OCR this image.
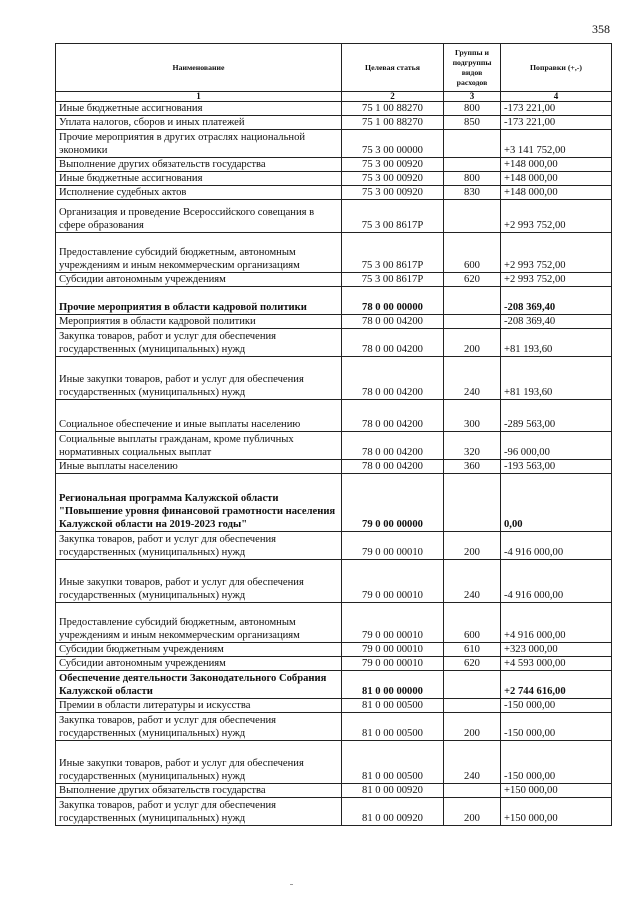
358
Наименование	Целевая статья	Группы и подгруппы видов расходов	Поправки (+,-)
1	2	3	4
Иные бюджетные ассигнования	75 1 00 88270	800	-173 221,00
Уплата налогов, сборов и иных платежей	75 1 00 88270	850	-173 221,00
Прочие мероприятия в других отраслях национальной экономики	75 3 00 00000		+3 141 752,00
Выполнение других обязательств государства	75 3 00 00920		+148 000,00
Иные бюджетные ассигнования	75 3 00 00920	800	+148 000,00
Исполнение судебных актов	75 3 00 00920	830	+148 000,00
Организация и проведение Всероссийского совещания в сфере образования	75 3 00 8617Р		+2 993 752,00
Предоставление субсидий бюджетным, автономным учреждениям и иным некоммерческим организациям	75 3 00 8617Р	600	+2 993 752,00
Субсидии автономным учреждениям	75 3 00 8617Р	620	+2 993 752,00
Прочие мероприятия в области кадровой политики	78 0 00 00000		-208 369,40
Мероприятия в области кадровой политики	78 0 00 04200		-208 369,40
Закупка товаров, работ и услуг для обеспечения государственных (муниципальных) нужд	78 0 00 04200	200	+81 193,60
Иные закупки товаров, работ и услуг для обеспечения государственных (муниципальных) нужд	78 0 00 04200	240	+81 193,60
Социальное обеспечение и иные выплаты населению	78 0 00 04200	300	-289 563,00
Социальные выплаты гражданам, кроме публичных нормативных социальных выплат	78 0 00 04200	320	-96 000,00
Иные выплаты населению	78 0 00 04200	360	-193 563,00
Региональная программа Калужской области "Повышение уровня финансовой грамотности населения Калужской области на 2019-2023 годы"	79 0 00 00000		0,00
Закупка товаров, работ и услуг для обеспечения государственных (муниципальных) нужд	79 0 00 00010	200	-4 916 000,00
Иные закупки товаров, работ и услуг для обеспечения государственных (муниципальных) нужд	79 0 00 00010	240	-4 916 000,00
Предоставление субсидий бюджетным, автономным учреждениям и иным некоммерческим организациям	79 0 00 00010	600	+4 916 000,00
Субсидии бюджетным учреждениям	79 0 00 00010	610	+323 000,00
Субсидии автономным учреждениям	79 0 00 00010	620	+4 593 000,00
Обеспечение деятельности Законодательного Собрания Калужской области	81 0 00 00000		+2 744 616,00
Премии в области литературы и искусства	81 0 00 00500		-150 000,00
Закупка товаров, работ и услуг для обеспечения государственных (муниципальных) нужд	81 0 00 00500	200	-150 000,00
Иные закупки товаров, работ и услуг для обеспечения государственных (муниципальных) нужд	81 0 00 00500	240	-150 000,00
Выполнение других обязательств государства	81 0 00 00920		+150 000,00
Закупка товаров, работ и услуг для обеспечения государственных (муниципальных) нужд	81 0 00 00920	200	+150 000,00
